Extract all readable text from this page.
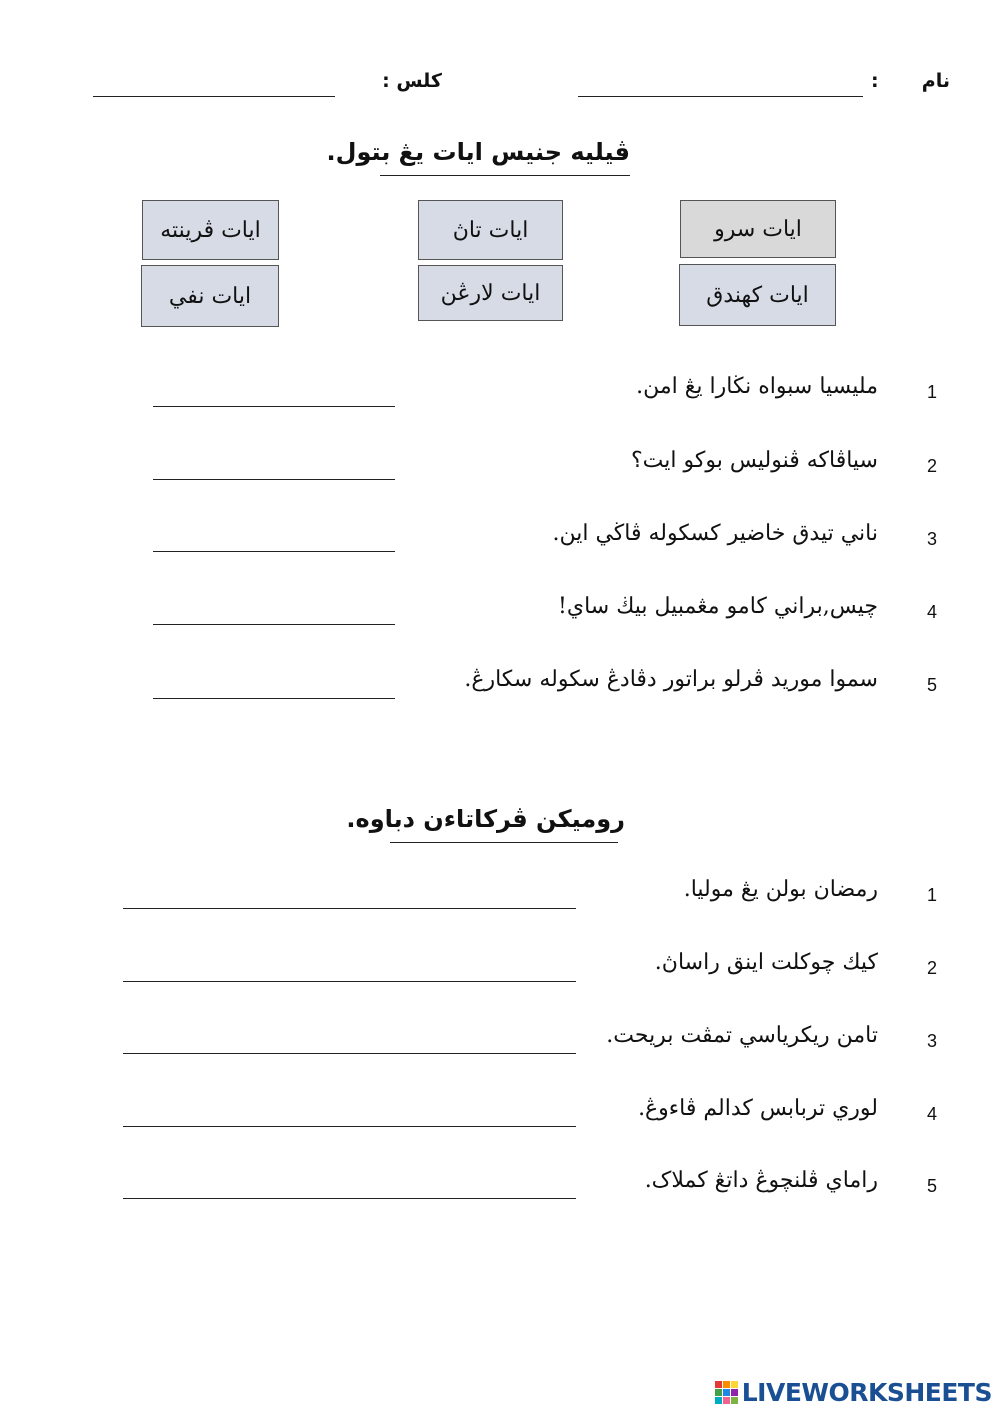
نام
:
كلس :
ڤيليه جنيس ايات يڠ بتول.
ايات سرو
ايات تاڽ
ايات ڤرينته
ايات كهندق
ايات لارڠن
ايات نفي
1
مليسيا سبواه نڬارا يڠ امن.
2
سياڤاكه ڤنوليس بوكو ايت؟
3
ناني تيدق خاضير كسكوله ڤاڬي اين.
4
چيس,براني كامو مڠمبيل بيڬ ساي!
5
سموا موريد ڤرلو براتور دڤادڠ سكوله سكارڠ.
روميكن ڤركاتاءن دباوه.
1
رمضان بولن يڠ موليا.
2
كيك چوكلت اينق راساڽ.
3
تامن ريكرياسي تمڤت بريحت.
4
لوري تربابس كدالم ڤاءوڠ.
5
راماي ڤلنچوڠ داتڠ كملاک.
LIVEWORKSHEETS
